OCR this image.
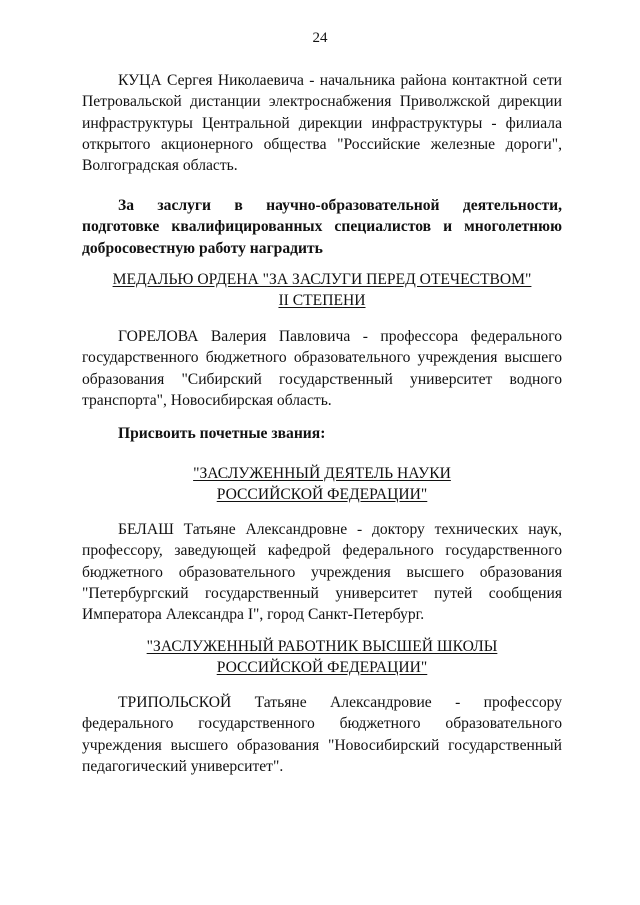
24

КУЦА Сергея Николаевича - начальника района контактной сети Петровальской дистанции электроснабжения Приволжской дирекции инфраструктуры Центральной дирекции инфраструктуры - филиала открытого акционерного общества "Российские железные дороги", Волгоградская область.

За заслуги в научно-образовательной деятельности, подготовке квалифицированных специалистов и многолетнюю добросовестную работу наградить

МЕДАЛЬЮ ОРДЕНА "ЗА ЗАСЛУГИ ПЕРЕД ОТЕЧЕСТВОМ"
II СТЕПЕНИ

ГОРЕЛОВА Валерия Павловича - профессора федерального государственного бюджетного образовательного учреждения высшего образования "Сибирский государственный университет водного транспорта", Новосибирская область.

Присвоить почетные звания:

"ЗАСЛУЖЕННЫЙ ДЕЯТЕЛЬ НАУКИ
РОССИЙСКОЙ ФЕДЕРАЦИИ"

БЕЛАШ Татьяне Александровне - доктору технических наук, профессору, заведующей кафедрой федерального государственного бюджетного образовательного учреждения высшего образования "Петербургский государственный университет путей сообщения Императора Александра I", город Санкт-Петербург.

"ЗАСЛУЖЕННЫЙ РАБОТНИК ВЫСШЕЙ ШКОЛЫ
РОССИЙСКОЙ ФЕДЕРАЦИИ"

ТРИПОЛЬСКОЙ Татьяне Александровие - профессору федерального государственного бюджетного образовательного учреждения высшего образования "Новосибирский государственный педагогический университет".
